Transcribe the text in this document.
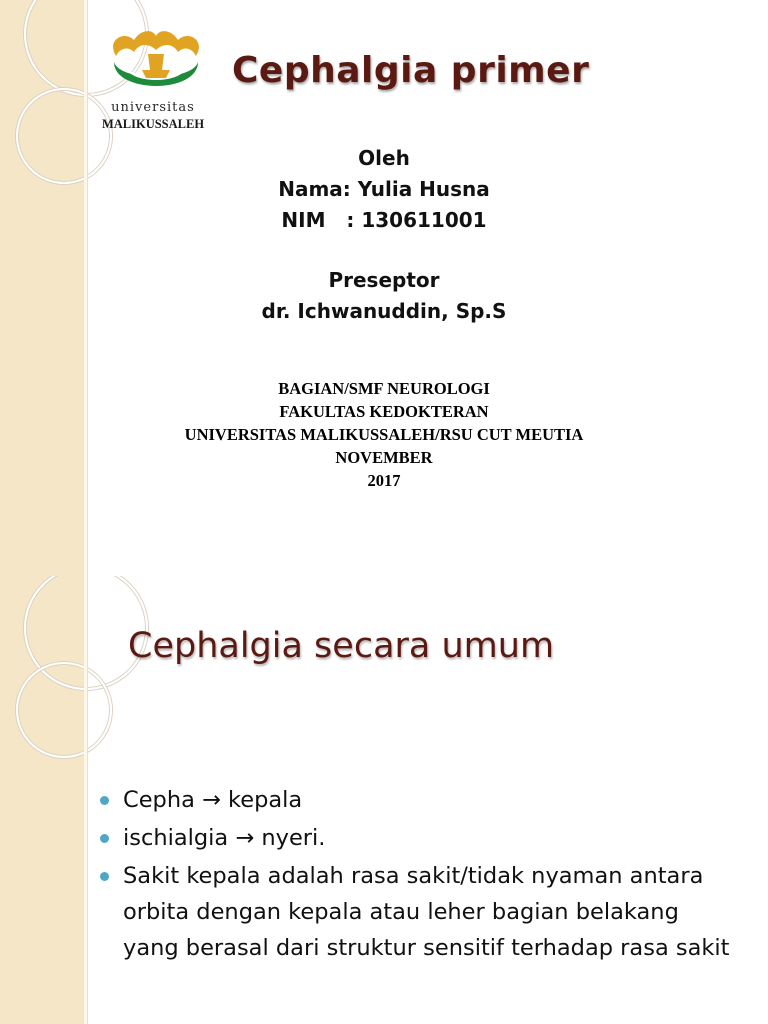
universitas
MALIKUSSALEH
Cephalgia primer
Oleh
Nama: Yulia Husna
NIM   : 130611001
Preseptor
dr. Ichwanuddin, Sp.S
BAGIAN/SMF NEUROLOGI
FAKULTAS KEDOKTERAN
UNIVERSITAS MALIKUSSALEH/RSU CUT MEUTIA
NOVEMBER
2017
Cephalgia secara umum
Cepha → kepala
ischialgia → nyeri.
Sakit kepala adalah rasa sakit/tidak nyaman antara orbita dengan kepala atau leher bagian belakang yang berasal dari struktur sensitif terhadap rasa sakit
